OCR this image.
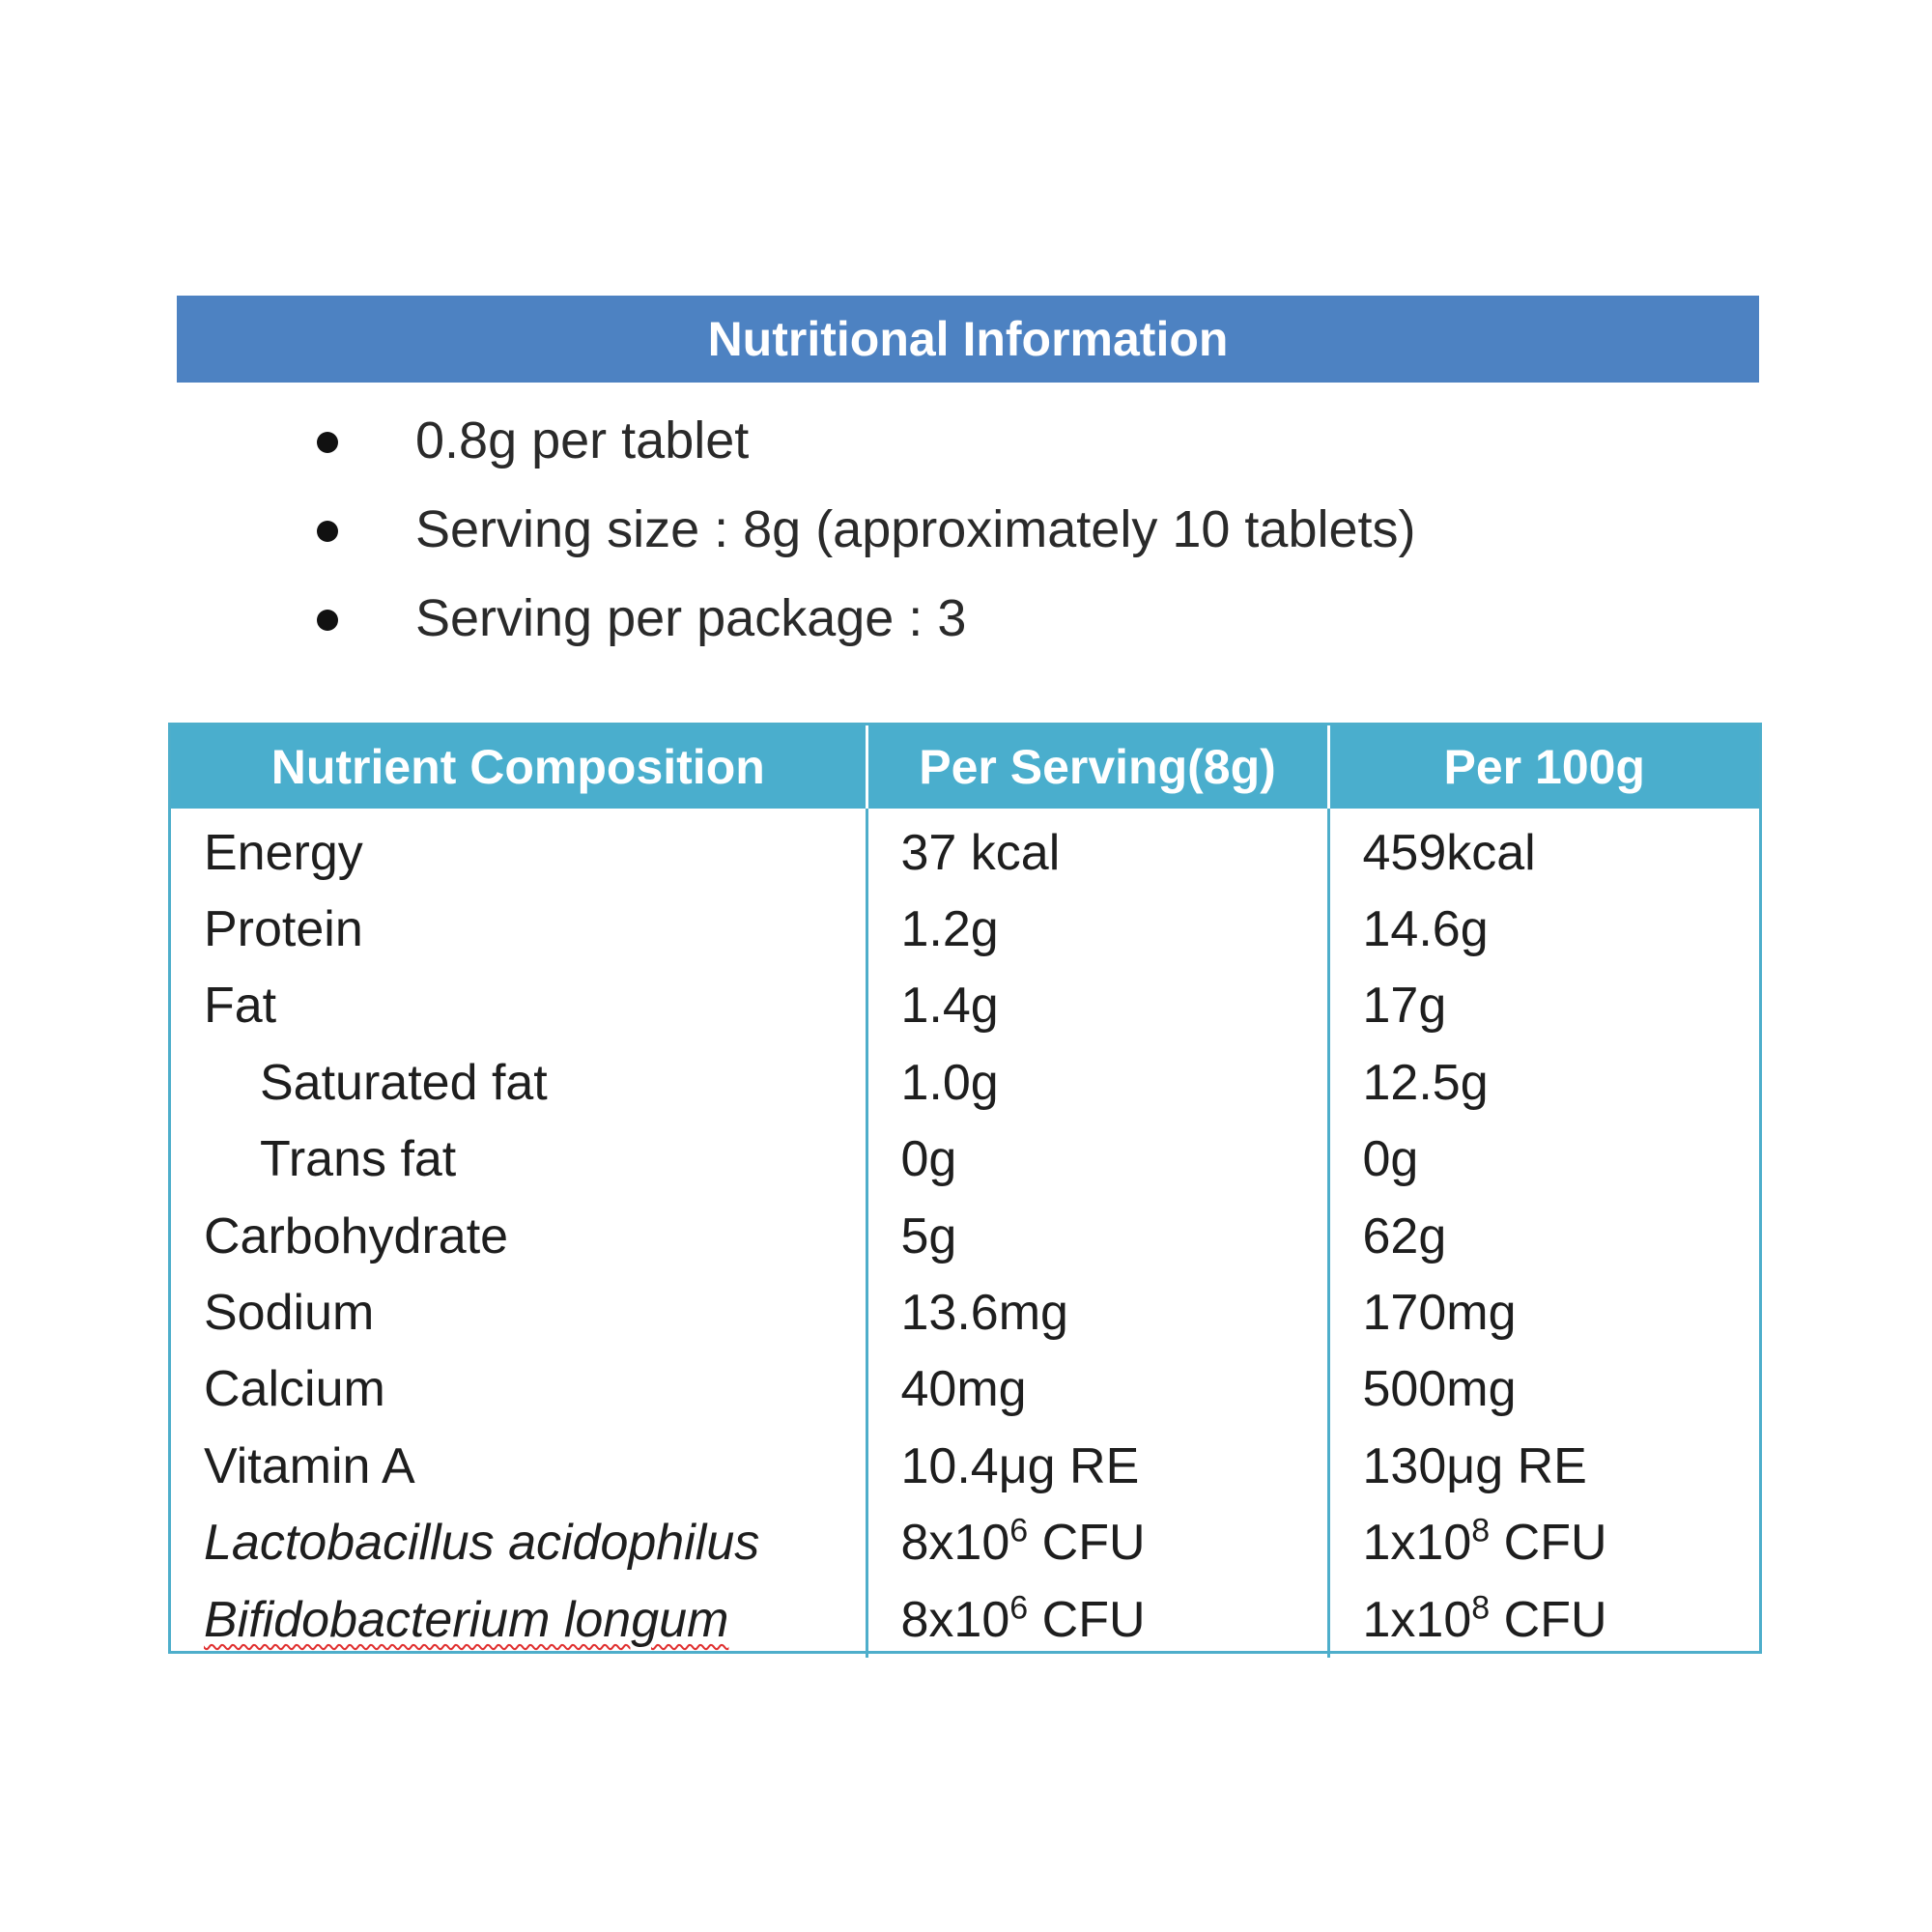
Nutritional Information
0.8g per tablet
Serving size : 8g (approximately 10 tablets)
Serving per package : 3
Nutrient Composition	Per Serving(8g)	Per 100g
Energy	37 kcal	459kcal
Protein	1.2g	14.6g
Fat	1.4g	17g
Saturated fat	1.0g	12.5g
Trans fat	0g	0g
Carbohydrate	5g	62g
Sodium	13.6mg	170mg
Calcium	40mg	500mg
Vitamin A	10.4μg RE	130μg RE
Lactobacillus acidophilus	$8x10^6$ CFU	$1x10^8$ CFU
Bifidobacterium longum	$8x10^6$ CFU	$1x10^8$ CFU
